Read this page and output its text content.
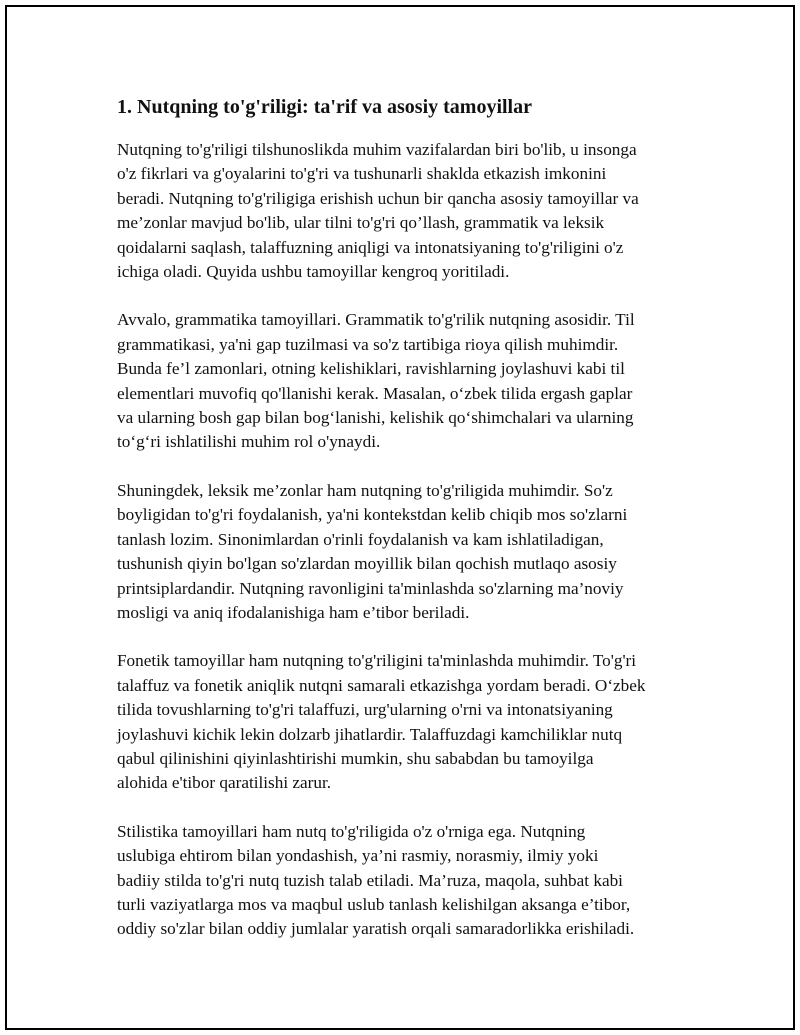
1. Nutqning to'g'riligi: ta'rif va asosiy tamoyillar
Nutqning to'g'riligi tilshunoslikda muhim vazifalardan biri bo'lib, u insonga
o'z fikrlari va g'oyalarini to'g'ri va tushunarli shaklda etkazish imkonini
beradi. Nutqning to'g'riligiga erishish uchun bir qancha asosiy tamoyillar va
me’zonlar mavjud bo'lib, ular tilni to'g'ri qo’llash, grammatik va leksik
qoidalarni saqlash, talaffuzning aniqligi va intonatsiyaning to'g'riligini o'z
ichiga oladi. Quyida ushbu tamoyillar kengroq yoritiladi.
Avvalo, grammatika tamoyillari. Grammatik to'g'rilik nutqning asosidir. Til
grammatikasi, ya'ni gap tuzilmasi va so'z tartibiga rioya qilish muhimdir.
Bunda fe’l zamonlari, otning kelishiklari, ravishlarning joylashuvi kabi til
elementlari muvofiq qo'llanishi kerak. Masalan, o‘zbek tilida ergash gaplar
va ularning bosh gap bilan bog‘lanishi, kelishik qo‘shimchalari va ularning
to‘g‘ri ishlatilishi muhim rol o'ynaydi.
Shuningdek, leksik me’zonlar ham nutqning to'g'riligida muhimdir. So'z
boyligidan to'g'ri foydalanish, ya'ni kontekstdan kelib chiqib mos so'zlarni
tanlash lozim. Sinonimlardan o'rinli foydalanish va kam ishlatiladigan,
tushunish qiyin bo'lgan so'zlardan moyillik bilan qochish mutlaqo asosiy
printsiplardandir. Nutqning ravonligini ta'minlashda so'zlarning ma’noviy
mosligi va aniq ifodalanishiga ham e’tibor beriladi.
Fonetik tamoyillar ham nutqning to'g'riligini ta'minlashda muhimdir. To'g'ri
talaffuz va fonetik aniqlik nutqni samarali etkazishga yordam beradi. O‘zbek
tilida tovushlarning to'g'ri talaffuzi, urg'ularning o'rni va intonatsiyaning
joylashuvi kichik lekin dolzarb jihatlardir. Talaffuzdagi kamchiliklar nutq
qabul qilinishini qiyinlashtirishi mumkin, shu sababdan bu tamoyilga
alohida e'tibor qaratilishi zarur.
Stilistika tamoyillari ham nutq to'g'riligida o'z o'rniga ega. Nutqning
uslubiga ehtirom bilan yondashish, ya’ni rasmiy, norasmiy, ilmiy yoki
badiiy stilda to'g'ri nutq tuzish talab etiladi. Ma’ruza, maqola, suhbat kabi
turli vaziyatlarga mos va maqbul uslub tanlash kelishilgan aksanga e’tibor,
oddiy so'zlar bilan oddiy jumlalar yaratish orqali samaradorlikka erishiladi.
